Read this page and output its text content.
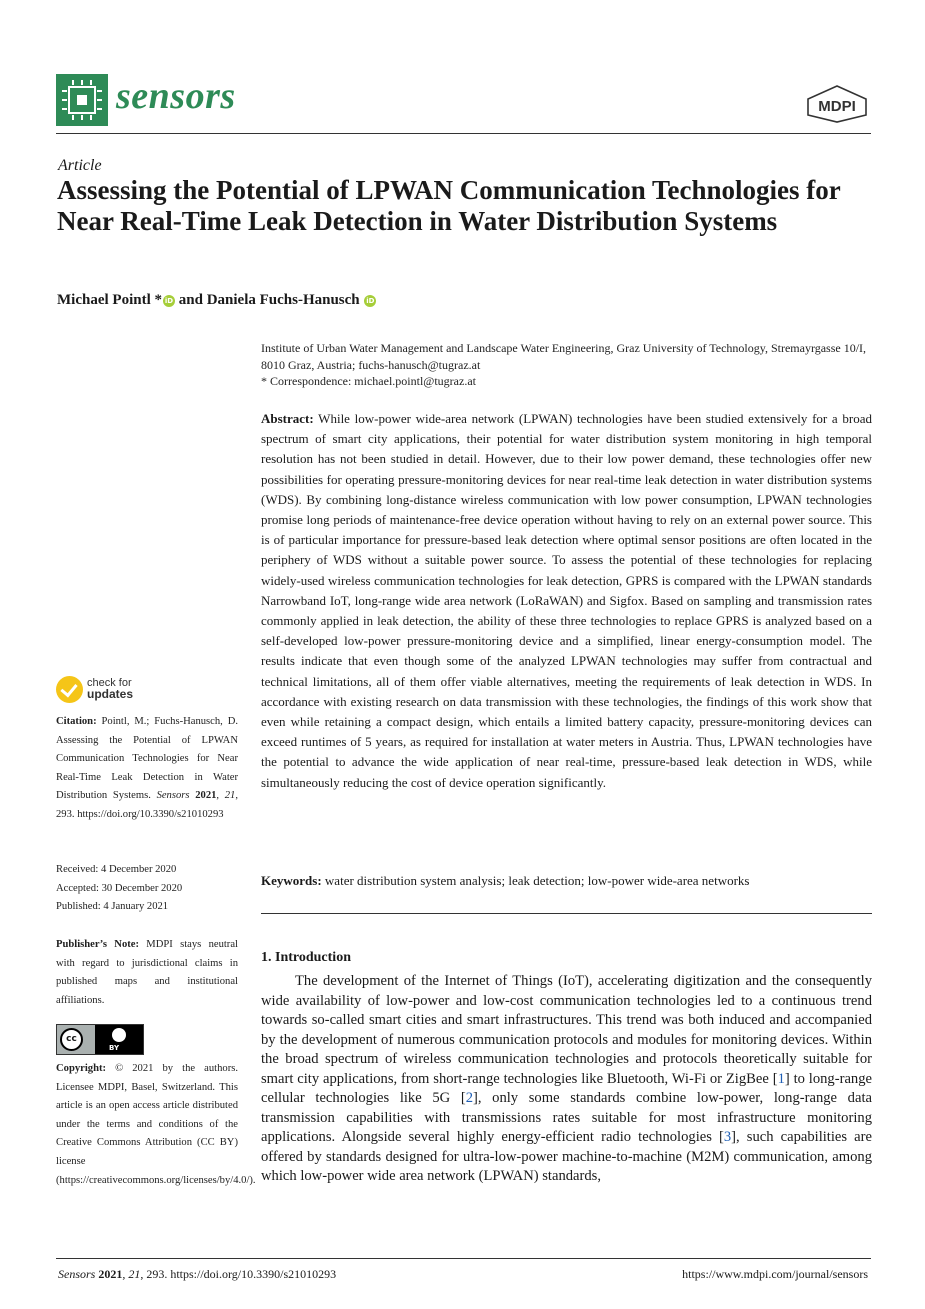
sensors	MDPI
Article
Assessing the Potential of LPWAN Communication Technologies for Near Real-Time Leak Detection in Water Distribution Systems
Michael Pointl * iD and Daniela Fuchs-Hanusch iD
Institute of Urban Water Management and Landscape Water Engineering, Graz University of Technology, Stremayrgasse 10/I, 8010 Graz, Austria; fuchs-hanusch@tugraz.at
* Correspondence: michael.pointl@tugraz.at
Abstract: While low-power wide-area network (LPWAN) technologies have been studied extensively for a broad spectrum of smart city applications, their potential for water distribution system monitoring in high temporal resolution has not been studied in detail. However, due to their low power demand, these technologies offer new possibilities for operating pressure-monitoring devices for near real-time leak detection in water distribution systems (WDS). By combining long-distance wireless communication with low power consumption, LPWAN technologies promise long periods of maintenance-free device operation without having to rely on an external power source. This is of particular importance for pressure-based leak detection where optimal sensor positions are often located in the periphery of WDS without a suitable power source. To assess the potential of these technologies for replacing widely-used wireless communication technologies for leak detection, GPRS is compared with the LPWAN standards Narrowband IoT, long-range wide area network (LoRaWAN) and Sigfox. Based on sampling and transmission rates commonly applied in leak detection, the ability of these three technologies to replace GPRS is analyzed based on a self-developed low-power pressure-monitoring device and a simplified, linear energy-consumption model. The results indicate that even though some of the analyzed LPWAN technologies may suffer from contractual and technical limitations, all of them offer viable alternatives, meeting the requirements of leak detection in WDS. In accordance with existing research on data transmission with these technologies, the findings of this work show that even while retaining a compact design, which entails a limited battery capacity, pressure-monitoring devices can exceed runtimes of 5 years, as required for installation at water meters in Austria. Thus, LPWAN technologies have the potential to advance the wide application of near real-time, pressure-based leak detection in WDS, while simultaneously reducing the cost of device operation significantly.
Keywords: water distribution system analysis; leak detection; low-power wide-area networks
1. Introduction
The development of the Internet of Things (IoT), accelerating digitization and the consequently wide availability of low-power and low-cost communication technologies led to a continuous trend towards so-called smart cities and smart infrastructures. This trend was both induced and accompanied by the development of numerous communication protocols and modules for monitoring devices. Within the broad spectrum of wireless communication technologies and protocols theoretically suitable for smart city applications, from short-range technologies like Bluetooth, Wi-Fi or ZigBee [1] to long-range cellular technologies like 5G [2], only some standards combine low-power, long-range data transmission capabilities with transmissions rates suitable for most infrastructure monitoring applications. Alongside several highly energy-efficient radio technologies [3], such capabilities are offered by standards designed for ultra-low-power machine-to-machine (M2M) communication, among which low-power wide area network (LPWAN) standards,
check for
updates
Citation: Pointl, M.; Fuchs-Hanusch, D. Assessing the Potential of LPWAN Communication Technologies for Near Real-Time Leak Detection in Water Distribution Systems. Sensors 2021, 21, 293. https://doi.org/10.3390/s21010293
Received: 4 December 2020
Accepted: 30 December 2020
Published: 4 January 2021
Publisher’s Note: MDPI stays neutral with regard to jurisdictional claims in published maps and institutional affiliations.
cc
BY
Copyright: © 2021 by the authors. Licensee MDPI, Basel, Switzerland. This article is an open access article distributed under the terms and conditions of the Creative Commons Attribution (CC BY) license (https://creativecommons.org/licenses/by/4.0/).
Sensors 2021, 21, 293. https://doi.org/10.3390/s21010293	https://www.mdpi.com/journal/sensors
